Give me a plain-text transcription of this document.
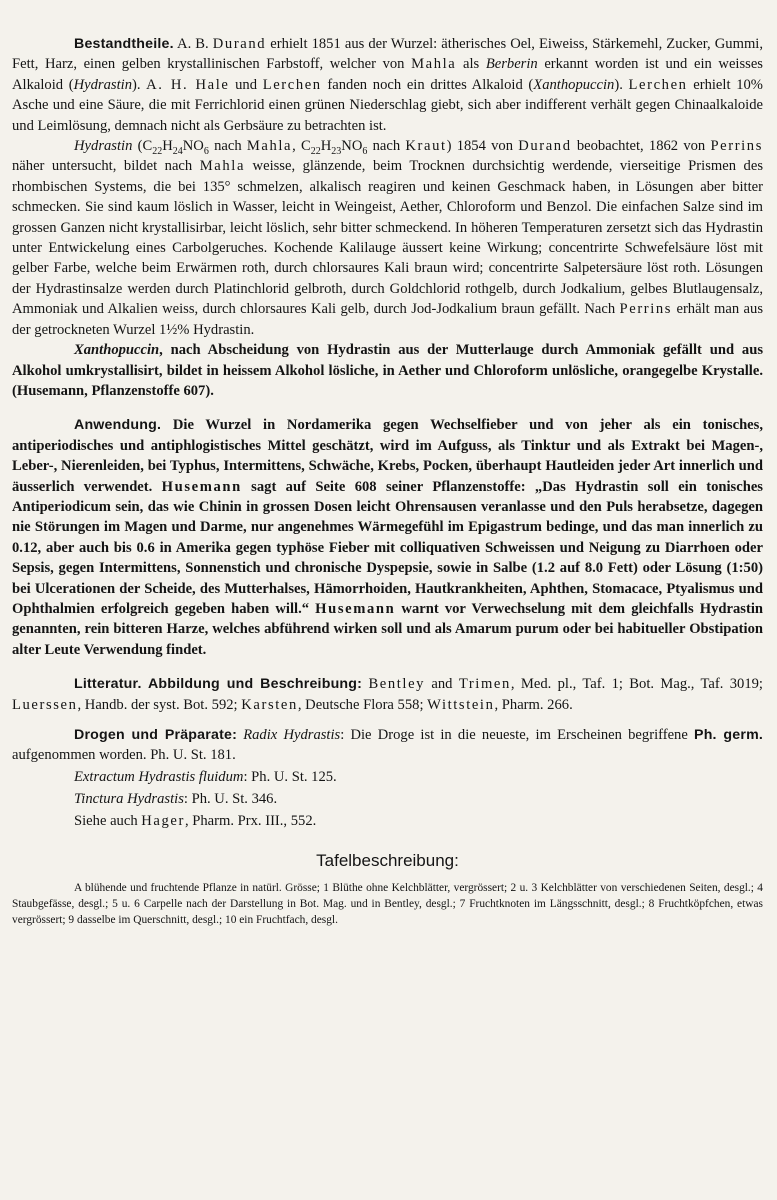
Bestandtheile. A. B. Durand erhielt 1851 aus der Wurzel: ätherisches Oel, Eiweiss, Stärkemehl, Zucker, Gummi, Fett, Harz, einen gelben krystallinischen Farbstoff, welcher von Mahla als Berberin erkannt worden ist und ein weisses Alkaloid (Hydrastin). A. H. Hale und Lerchen fanden noch ein drittes Alkaloid (Xanthopuccin). Lerchen erhielt 10% Asche und eine Säure, die mit Ferrichlorid einen grünen Niederschlag giebt, sich aber indifferent verhält gegen Chinaalkaloide und Leimlösung, demnach nicht als Gerbsäure zu betrachten ist.

Hydrastin ($C_{22}H_{24}NO_6$ nach Mahla, $C_{22}H_{23}NO_6$ nach Kraut) 1854 von Durand beobachtet, 1862 von Perrins näher untersucht, bildet nach Mahla weisse, glänzende, beim Trocknen durchsichtig werdende, vierseitige Prismen des rhombischen Systems, die bei 135° schmelzen, alkalisch reagiren und keinen Geschmack haben, in Lösungen aber bitter schmecken. Sie sind kaum löslich in Wasser, leicht in Weingeist, Aether, Chloroform und Benzol. Die einfachen Salze sind im grossen Ganzen nicht krystallisirbar, leicht löslich, sehr bitter schmeckend. In höheren Temperaturen zersetzt sich das Hydrastin unter Entwickelung eines Carbolgeruches. Kochende Kalilauge äussert keine Wirkung; concentrirte Schwefelsäure löst mit gelber Farbe, welche beim Erwärmen roth, durch chlorsaures Kali braun wird; concentrirte Salpetersäure löst roth. Lösungen der Hydrastinsalze werden durch Platinchlorid gelbroth, durch Goldchlorid rothgelb, durch Jodkalium, gelbes Blutlaugensalz, Ammoniak und Alkalien weiss, durch chlorsaures Kali gelb, durch Jod-Jodkalium braun gefällt. Nach Perrins erhält man aus der getrockneten Wurzel 1½% Hydrastin.

Xanthopuccin, nach Abscheidung von Hydrastin aus der Mutterlauge durch Ammoniak gefällt und aus Alkohol umkrystallisirt, bildet in heissem Alkohol lösliche, in Aether und Chloroform unlösliche, orangegelbe Krystalle. (Husemann, Pflanzenstoffe 607).

Anwendung. Die Wurzel in Nordamerika gegen Wechselfieber und von jeher als ein tonisches, antiperiodisches und antiphlogistisches Mittel geschätzt, wird im Aufguss, als Tinktur und als Extrakt bei Magen-, Leber-, Nierenleiden, bei Typhus, Intermittens, Schwäche, Krebs, Pocken, überhaupt Hautleiden jeder Art innerlich und äusserlich verwendet. Husemann sagt auf Seite 608 seiner Pflanzenstoffe: „Das Hydrastin soll ein tonisches Antiperiodicum sein, das wie Chinin in grossen Dosen leicht Ohrensausen veranlasse und den Puls herabsetze, dagegen nie Störungen im Magen und Darme, nur angenehmes Wärmegefühl im Epigastrum bedinge, und das man innerlich zu 0.12, aber auch bis 0.6 in Amerika gegen typhöse Fieber mit colliquativen Schweissen und Neigung zu Diarrhoen oder Sepsis, gegen Intermittens, Sonnenstich und chronische Dyspepsie, sowie in Salbe (1.2 auf 8.0 Fett) oder Lösung (1:50) bei Ulcerationen der Scheide, des Mutterhalses, Hämorrhoiden, Hautkrankheiten, Aphthen, Stomacace, Ptyalismus und Ophthalmien erfolgreich gegeben haben will.“ Husemann warnt vor Verwechselung mit dem gleichfalls Hydrastin genannten, rein bitteren Harze, welches abführend wirken soll und als Amarum purum oder bei habitueller Obstipation alter Leute Verwendung findet.

Litteratur. Abbildung und Beschreibung: Bentley and Trimen, Med. pl., Taf. 1; Bot. Mag., Taf. 3019; Luerssen, Handb. der syst. Bot. 592; Karsten, Deutsche Flora 558; Wittstein, Pharm. 266.

Drogen und Präparate: Radix Hydrastis: Die Droge ist in die neueste, im Erscheinen begriffene Ph. germ. aufgenommen worden. Ph. U. St. 181.

Extractum Hydrastis fluidum: Ph. U. St. 125.
Tinctura Hydrastis: Ph. U. St. 346.
Siehe auch Hager, Pharm. Prx. III., 552.
Tafelbeschreibung:

A blühende und fruchtende Pflanze in natürl. Grösse; 1 Blüthe ohne Kelchblätter, vergrössert; 2 u. 3 Kelchblätter von verschiedenen Seiten, desgl.; 4 Staubgefässe, desgl.; 5 u. 6 Carpelle nach der Darstellung in Bot. Mag. und in Bentley, desgl.; 7 Fruchtknoten im Längsschnitt, desgl.; 8 Fruchtköpfchen, etwas vergrössert; 9 dasselbe im Querschnitt, desgl.; 10 ein Fruchtfach, desgl.
